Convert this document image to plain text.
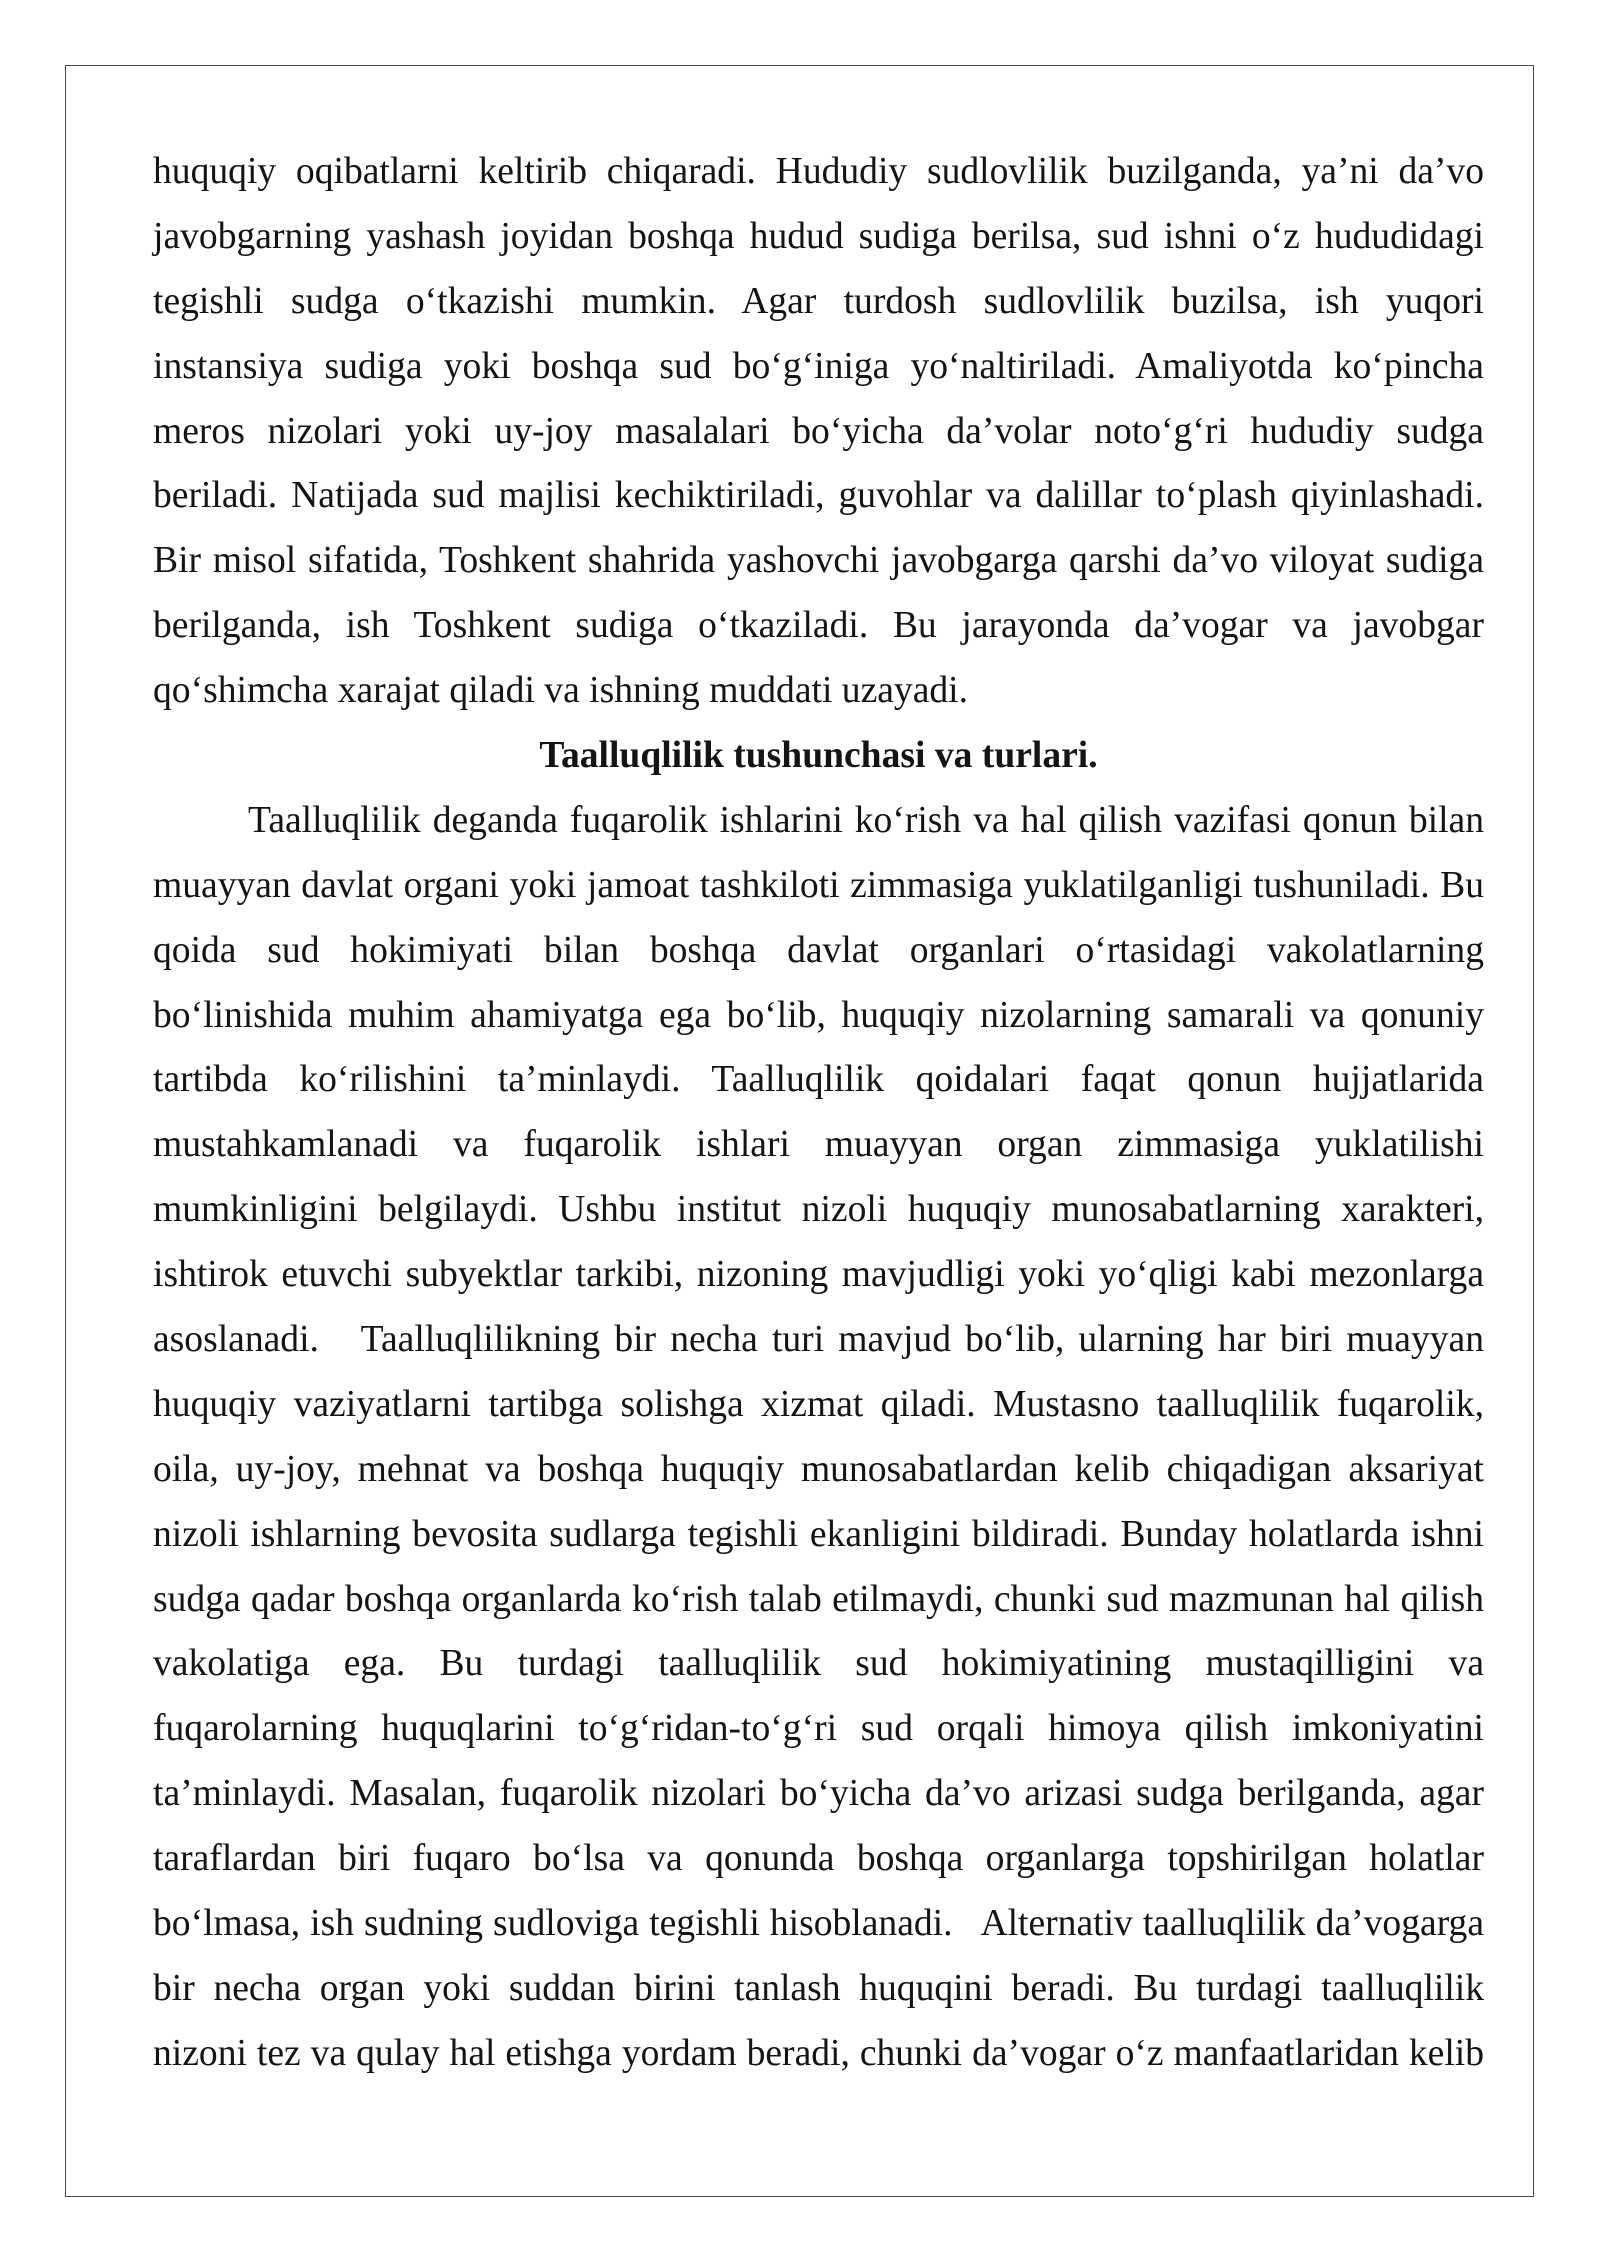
huquqiy oqibatlarni keltirib chiqaradi. Hududiy sudlovlilik buzilganda, ya’ni da’vo
javobgarning yashash joyidan boshqa hudud sudiga berilsa, sud ishni o‘z hududidagi
tegishli sudga o‘tkazishi mumkin. Agar turdosh sudlovlilik buzilsa, ish yuqori
instansiya sudiga yoki boshqa sud bo‘g‘iniga yo‘naltiriladi. Amaliyotda ko‘pincha
meros nizolari yoki uy-joy masalalari bo‘yicha da’volar noto‘g‘ri hududiy sudga
beriladi. Natijada sud majlisi kechiktiriladi, guvohlar va dalillar to‘plash qiyinlashadi.
Bir misol sifatida, Toshkent shahrida yashovchi javobgarga qarshi da’vo viloyat sudiga
berilganda, ish Toshkent sudiga o‘tkaziladi. Bu jarayonda da’vogar va javobgar
qo‘shimcha xarajat qiladi va ishning muddati uzayadi.
Taalluqlilik tushunchasi va turlari.
Taalluqlilik deganda fuqarolik ishlarini ko‘rish va hal qilish vazifasi qonun bilan
muayyan davlat organi yoki jamoat tashkiloti zimmasiga yuklatilganligi tushuniladi. Bu
qoida sud hokimiyati bilan boshqa davlat organlari o‘rtasidagi vakolatlarning
bo‘linishida muhim ahamiyatga ega bo‘lib, huquqiy nizolarning samarali va qonuniy
tartibda ko‘rilishini ta’minlaydi. Taalluqlilik qoidalari faqat qonun hujjatlarida
mustahkamlanadi va fuqarolik ishlari muayyan organ zimmasiga yuklatilishi
mumkinligini belgilaydi. Ushbu institut nizoli huquqiy munosabatlarning xarakteri,
ishtirok etuvchi subyektlar tarkibi, nizoning mavjudligi yoki yo‘qligi kabi mezonlarga
asoslanadi.   Taalluqlilikning bir necha turi mavjud bo‘lib, ularning har biri muayyan
huquqiy vaziyatlarni tartibga solishga xizmat qiladi. Mustasno taalluqlilik fuqarolik,
oila, uy-joy, mehnat va boshqa huquqiy munosabatlardan kelib chiqadigan aksariyat
nizoli ishlarning bevosita sudlarga tegishli ekanligini bildiradi. Bunday holatlarda ishni
sudga qadar boshqa organlarda ko‘rish talab etilmaydi, chunki sud mazmunan hal qilish
vakolatiga ega. Bu turdagi taalluqlilik sud hokimiyatining mustaqilligini va
fuqarolarning huquqlarini to‘g‘ridan-to‘g‘ri sud orqali himoya qilish imkoniyatini
ta’minlaydi. Masalan, fuqarolik nizolari bo‘yicha da’vo arizasi sudga berilganda, agar
taraflardan biri fuqaro bo‘lsa va qonunda boshqa organlarga topshirilgan holatlar
bo‘lmasa, ish sudning sudloviga tegishli hisoblanadi.   Alternativ taalluqlilik da’vogarga
bir necha organ yoki suddan birini tanlash huquqini beradi. Bu turdagi taalluqlilik
nizoni tez va qulay hal etishga yordam beradi, chunki da’vogar o‘z manfaatlaridan kelib
